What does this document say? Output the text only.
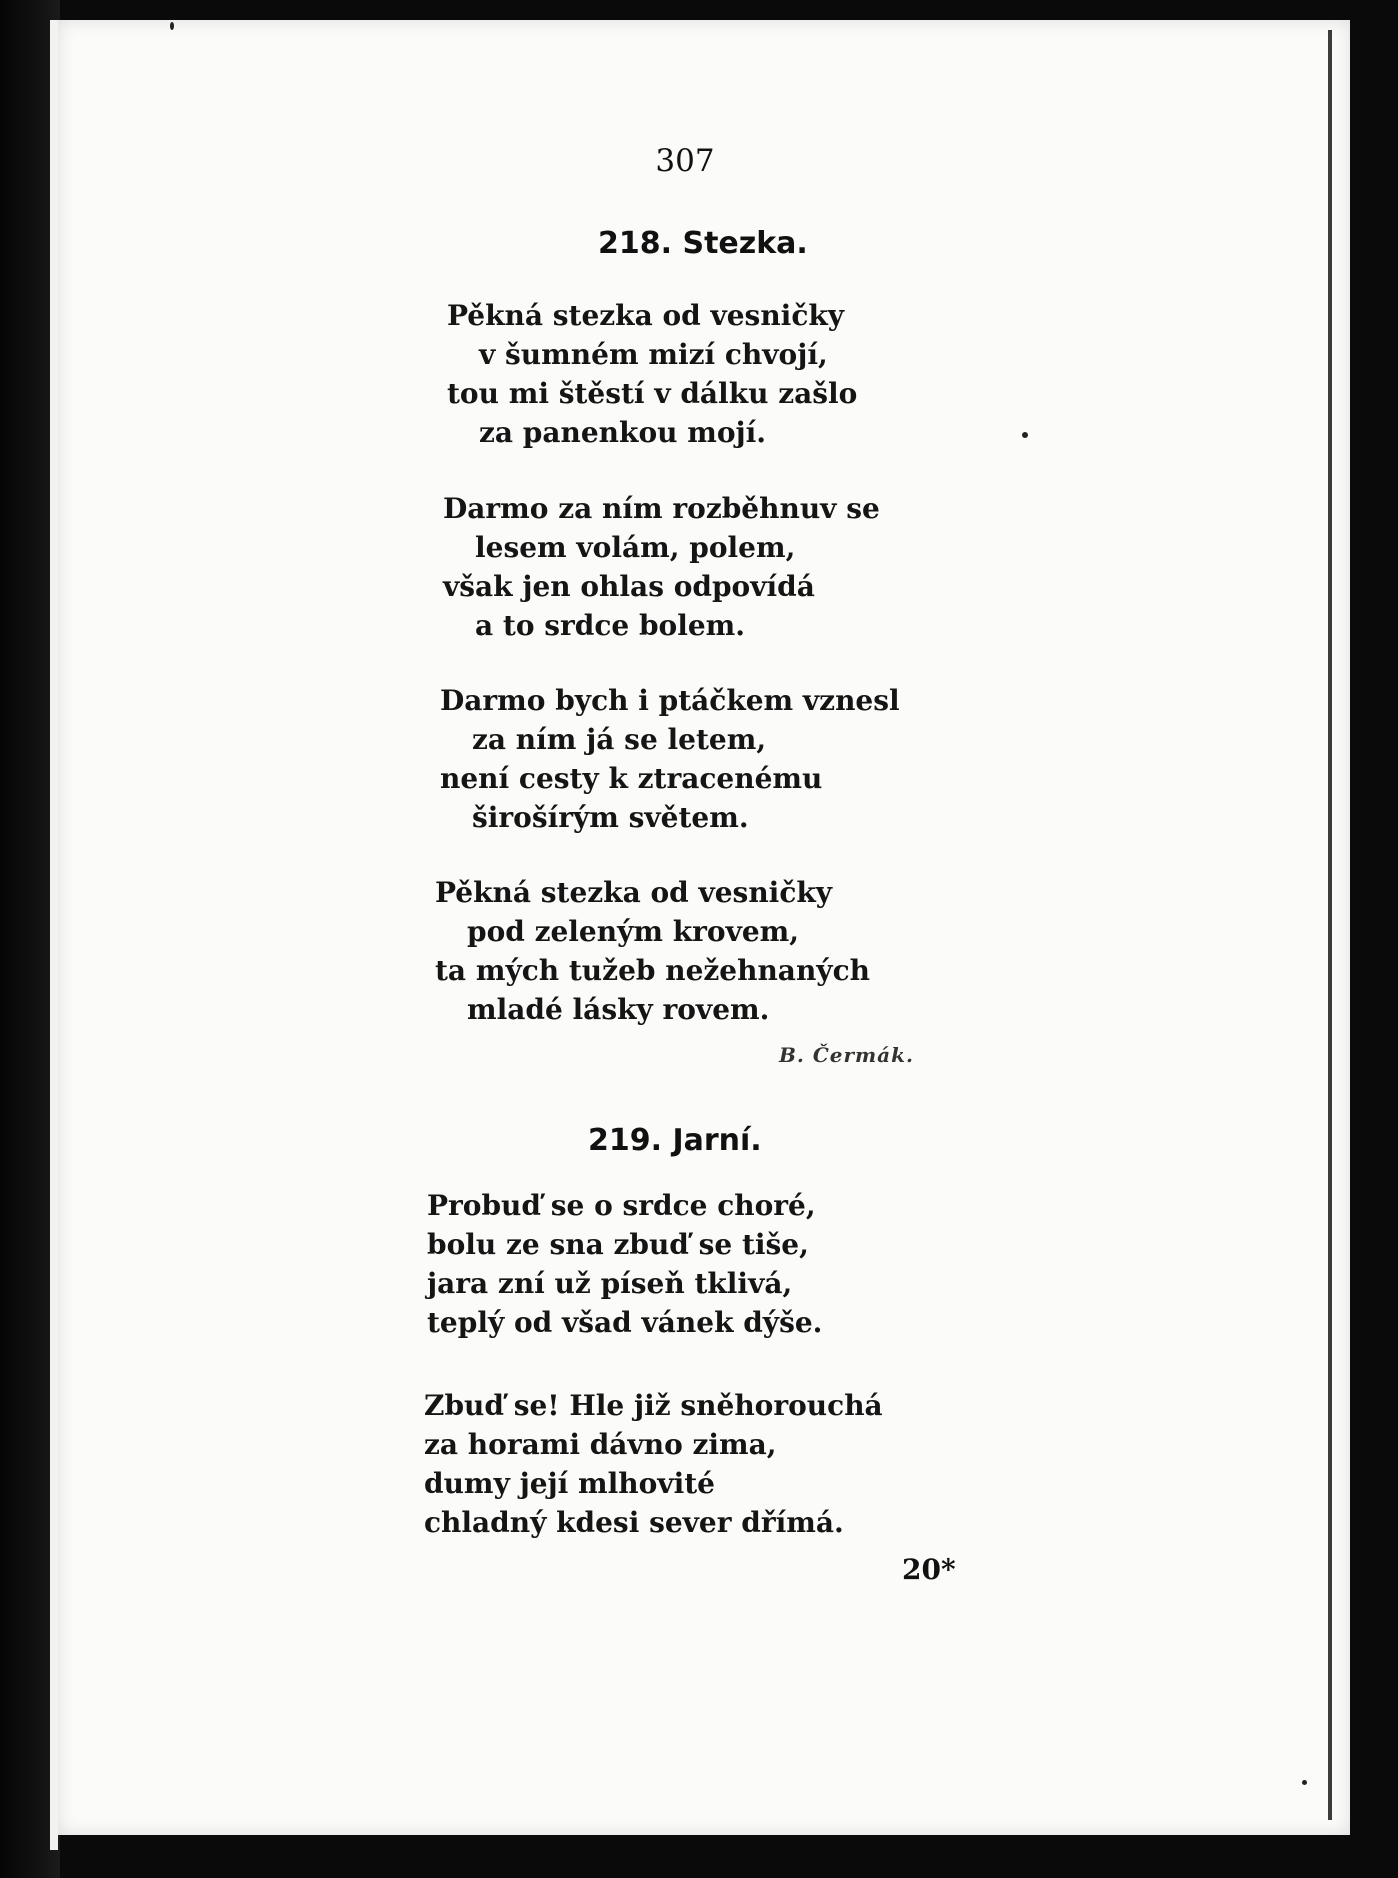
307
218. Stezka.
Pěkná stezka od vesničky
v šumném mizí chvojí,
tou mi štěstí v dálku zašlo
za panenkou mojí.
Darmo za ním rozběhnuv se
lesem volám, polem,
však jen ohlas odpovídá
a to srdce bolem.
Darmo bych i ptáčkem vznesl
za ním já se letem,
není cesty k ztracenému
širošírým světem.
Pěkná stezka od vesničky
pod zeleným krovem,
ta mých tužeb nežehnaných
mladé lásky rovem.
B. Čermák.
219. Jarní.
Probuď se o srdce choré,
bolu ze sna zbuď se tiše,
jara zní už píseň tklivá,
teplý od všad vánek dýše.
Zbuď se! Hle již sněhorouchá
za horami dávno zima,
dumy její mlhovité
chladný kdesi sever dřímá.
20*
